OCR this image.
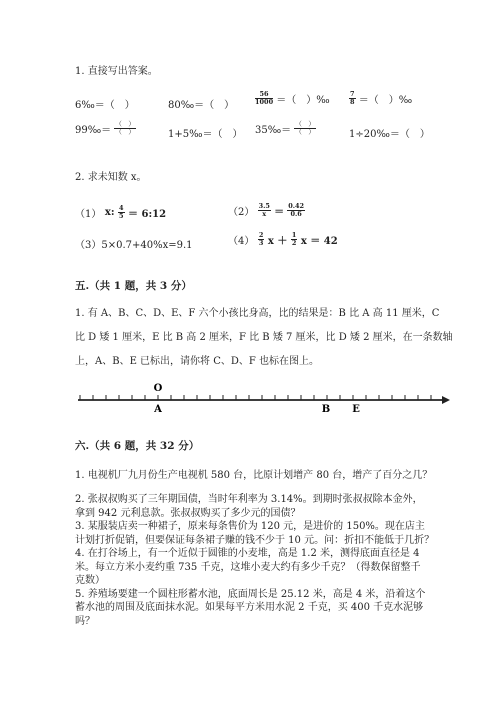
1. 直接写出答案。
6‰＝（　）	80‰＝（　）	$\frac{56}{1000}$ ＝（　）‰	$\frac{7}{8}$ ＝（　）‰
99‰＝ $\frac{( )}{( )}$	1+5‰＝（　） 35‰＝ $\frac{( )}{( )}$	1÷20‰＝（　）
2. 求未知数 x。
（1） x: $\frac{4}{5}$ ＝ 6:12	$(2) \frac{3.5}{x} = \frac{0.42}{0.6}$
（3）5×0.7+40%x=9.1	$(4) \frac{2}{3}$ $x + \frac{1}{2}$ x ＝ 42
五.（共 1 题，共 3 分）
1. 有 A、B、C、D、E、F 六个小孩比身高，比的结果是：B 比 A 高 11 厘米，C
比 D 矮 1 厘米，E 比 B 高 2 厘米，F 比 B 矮 7 厘米，比 D 矮 2 厘米，在一条数轴
上，A、B、E 已标出，请你将 C、D、F 也标在图上。
O
A	B E
六.（共 6 题，共 32 分）
1. 电视机厂九月份生产电视机 580 台，比原计划增产 80 台，增产了百分之几？
2. 张叔叔购买了三年期国债，当时年利率为 3.14%。到期时张叔叔除本金外，
拿到 942 元利息款。张叔叔购买了多少元的国债？
3. 某服装店卖一种裙子，原来每条售价为 120 元，是进价的 150%。现在店主
计划打折促销，但要保证每条裙子赚的钱不少于 10 元。问：折扣不能低于几折？
4. 在打谷场上，有一个近似于圆锥的小麦堆，高是 1.2 米，测得底面直径是 4
米。每立方米小麦约重 735 千克，这堆小麦大约有多少千克？（得数保留整千
克数）
5. 养殖场要建一个圆柱形蓄水池，底面周长是 25.12 米，高是 4 米，沿着这个
蓄水池的周围及底面抹水泥。如果每平方米用水泥 2 千克，买 400 千克水泥够
吗？
